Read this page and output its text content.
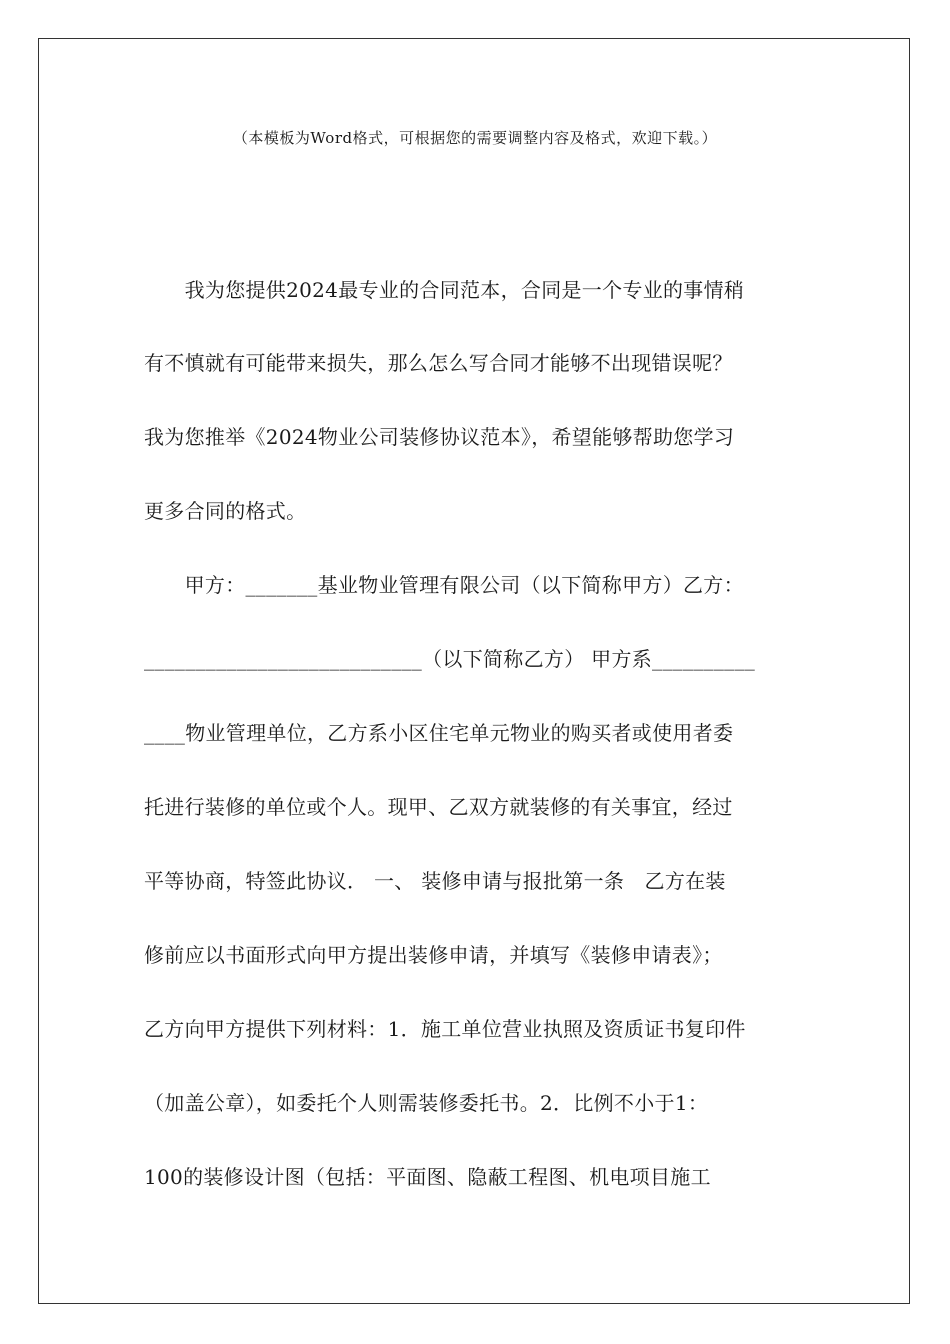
（本模板为Word格式，可根据您的需要调整内容及格式，欢迎下载。）
　　我为您提供2024最专业的合同范本，合同是一个专业的事情稍
有不慎就有可能带来损失，那么怎么写合同才能够不出现错误呢？
我为您推举《2024物业公司装修协议范本》，希望能够帮助您学习
更多合同的格式。
　　甲方：_______基业物业管理有限公司（以下简称甲方）乙方：
___________________________（以下简称乙方） 甲方系__________
____物业管理单位，乙方系小区住宅单元物业的购买者或使用者委
托进行装修的单位或个人。现甲、乙双方就装修的有关事宜，经过
平等协商，特签此协议． 一、 装修申请与报批第一条　乙方在装
修前应以书面形式向甲方提出装修申请，并填写《装修申请表》；
乙方向甲方提供下列材料：1．施工单位营业执照及资质证书复印件
（加盖公章），如委托个人则需装修委托书。2．比例不小于1：
100的装修设计图（包括：平面图、隐蔽工程图、机电项目施工
